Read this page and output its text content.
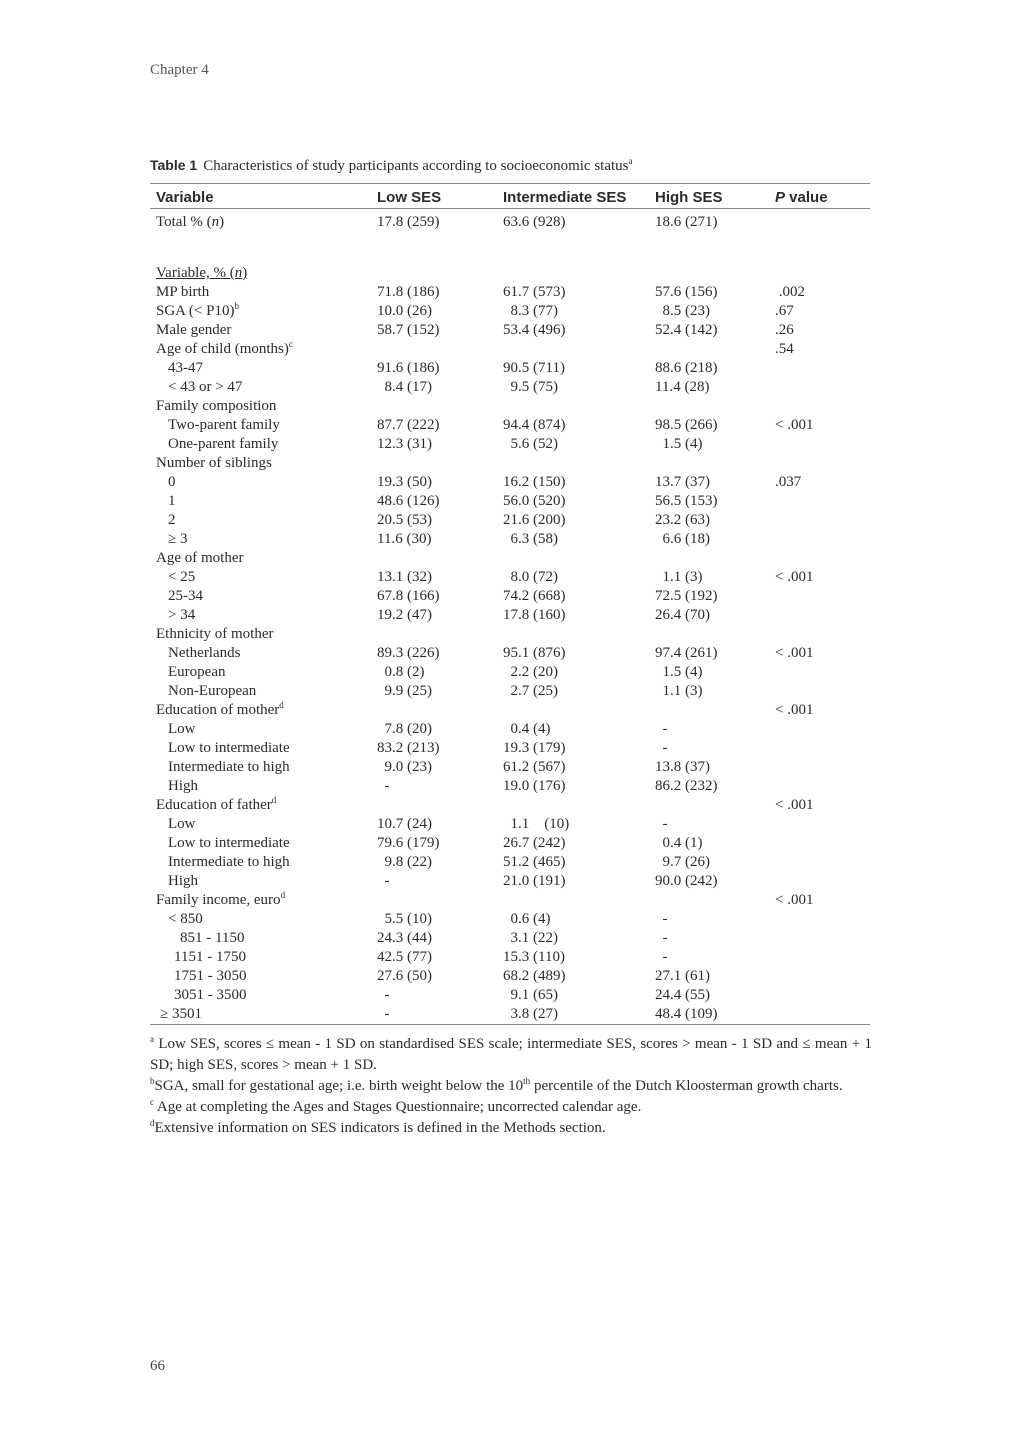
Chapter 4
Table 1 Characteristics of study participants according to socioeconomic status$^a$
Variable	Low SES	Intermediate SES	High SES	P value
Total % (n)	17.8 (259)	63.6 (928)	18.6 (271)	

Variable, % (n)				
MP birth	71.8 (186)	61.7 (573)	57.6 (156)	.002
SGA (< P10)$^b$	10.0 (26)	8.3 (77)	8.5 (23)	.67
Male gender	58.7 (152)	53.4 (496)	52.4 (142)	.26
Age of child (months)$^c$				.54
43-47	91.6 (186)	90.5 (711)	88.6 (218)	
< 43 or > 47	8.4 (17)	9.5 (75)	11.4 (28)	
Family composition				
Two-parent family	87.7 (222)	94.4 (874)	98.5 (266)	< .001
One-parent family	12.3 (31)	5.6 (52)	1.5 (4)	
Number of siblings				
0	19.3 (50)	16.2 (150)	13.7 (37)	.037
1	48.6 (126)	56.0 (520)	56.5 (153)	
2	20.5 (53)	21.6 (200)	23.2 (63)	
≥ 3	11.6 (30)	6.3 (58)	6.6 (18)	
Age of mother				
< 25	13.1 (32)	8.0 (72)	1.1 (3)	< .001
25-34	67.8 (166)	74.2 (668)	72.5 (192)	
> 34	19.2 (47)	17.8 (160)	26.4 (70)	
Ethnicity of mother				
Netherlands	89.3 (226)	95.1 (876)	97.4 (261)	< .001
European	0.8 (2)	2.2 (20)	1.5 (4)	
Non-European	9.9 (25)	2.7 (25)	1.1 (3)	
Education of mother$^d$				< .001
Low	7.8 (20)	0.4 (4)	-	
Low to intermediate	83.2 (213)	19.3 (179)	-	
Intermediate to high	9.0 (23)	61.2 (567)	13.8 (37)	
High	-	19.0 (176)	86.2 (232)	
Education of father$^d$				< .001
Low	10.7 (24)	1.1    (10)	-	
Low to intermediate	79.6 (179)	26.7 (242)	0.4 (1)	
Intermediate to high	9.8 (22)	51.2 (465)	9.7 (26)	
High	-	21.0 (191)	90.0 (242)	
Family income, euro$^d$				< .001
< 850	5.5 (10)	0.6 (4)	-	
851 - 1150	24.3 (44)	3.1 (22)	-	
1151 - 1750	42.5 (77)	15.3 (110)	-	
1751 - 3050	27.6 (50)	68.2 (489)	27.1 (61)	
3051 - 3500	-	9.1 (65)	24.4 (55)	
≥ 3501	-	3.8 (27)	48.4 (109)	

$^a$ Low SES, scores ≤ mean - 1 SD on standardised SES scale; intermediate SES, scores > mean - 1 SD and ≤ mean + 1 SD; high SES, scores > mean + 1 SD.

$^b$SGA, small for gestational age; i.e. birth weight below the 10th percentile of the Dutch Kloosterman growth charts.

$^c$ Age at completing the Ages and Stages Questionnaire; uncorrected calendar age.

$^d$Extensive information on SES indicators is defined in the Methods section.

66
